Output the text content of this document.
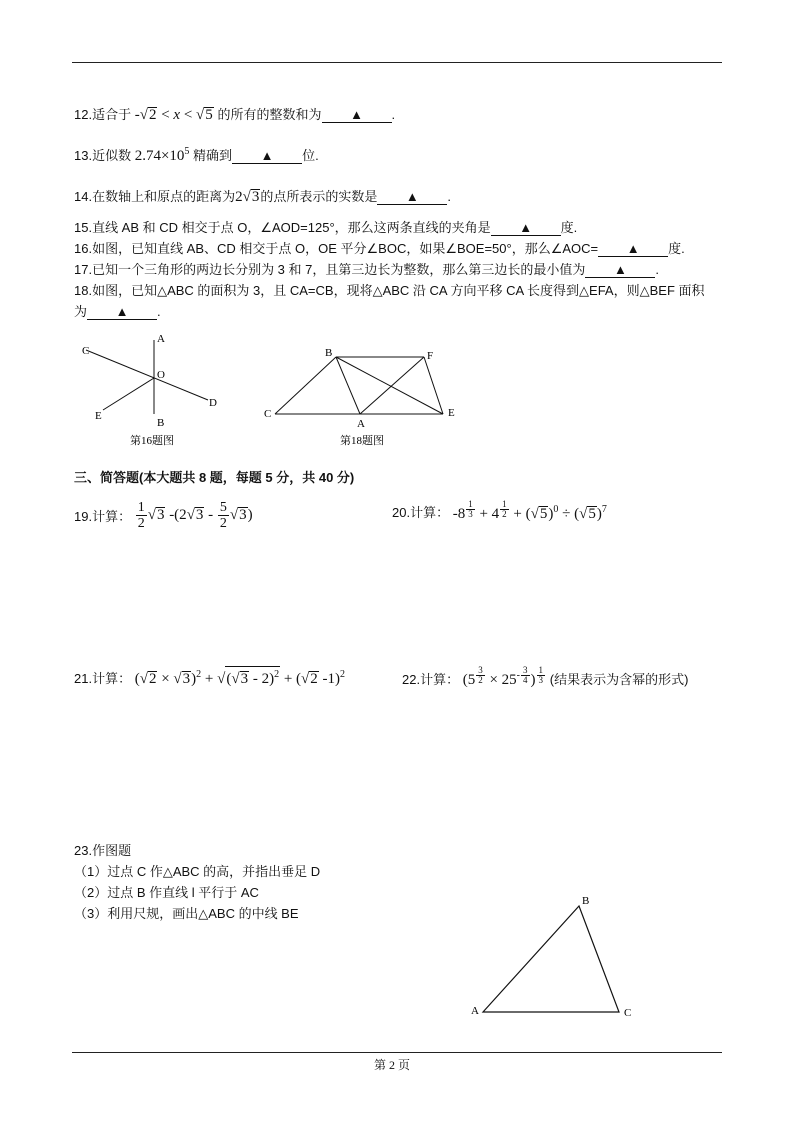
12.适合于 -√2 < x < √5 的所有的整数和为 ▲ .
13.近似数 $2.74\times 10^5$ 精确到 ▲ 位.
14.在数轴上和原点的距离为2√3的点所表示的实数是 ▲ .
15.直线 AB 和 CD 相交于点 O，∠AOD=125°，那么这两条直线的夹角是 ▲ 度.
16.如图，已知直线 AB、CD 相交于点 O，OE 平分∠BOC，如果∠BOE=50°，那么∠AOC= ▲ 度.
17.已知一个三角形的两边长分别为 3 和 7，且第三边长为整数，那么第三边长的最小值为 ▲ .
18.如图，已知△ABC 的面积为 3，且 CA=CB，现将△ABC 沿 CA 方向平移 CA 长度得到△EFA，则△BEF 面积
为 ▲ .
A
B
C
D
E
O
第16题图
B	F
C
A
E
第18题图
三、简答题(本大题共 8 题，每题 5 分，共 40 分)
19.计算： $\frac{1}{2} √3$ $-(2√3 - \frac{5}{2} √3)$	20.计算： -8 $^{\frac{1}{3}}$ + 4 $^{\frac{1}{2}} + (√5)^0 \div (√5)^7$
21.计算： $(√2 \times √3)^2 + √(√3 - 2)^2 + (√2$ -1)$^2$	22.计算： (5 $^{\frac{3}{2}} \times 25^{- \frac{3}{4}}$ ) $^{\frac{1}{3}}$ (结果表示为含幂的形式)
23.作图题
（1）过点 C 作△ABC 的高，并指出垂足 D
（2）过点 B 作直线 l 平行于 AC
（3）利用尺规，画出△ABC 的中线 BE
B
A	C
第 2 页
